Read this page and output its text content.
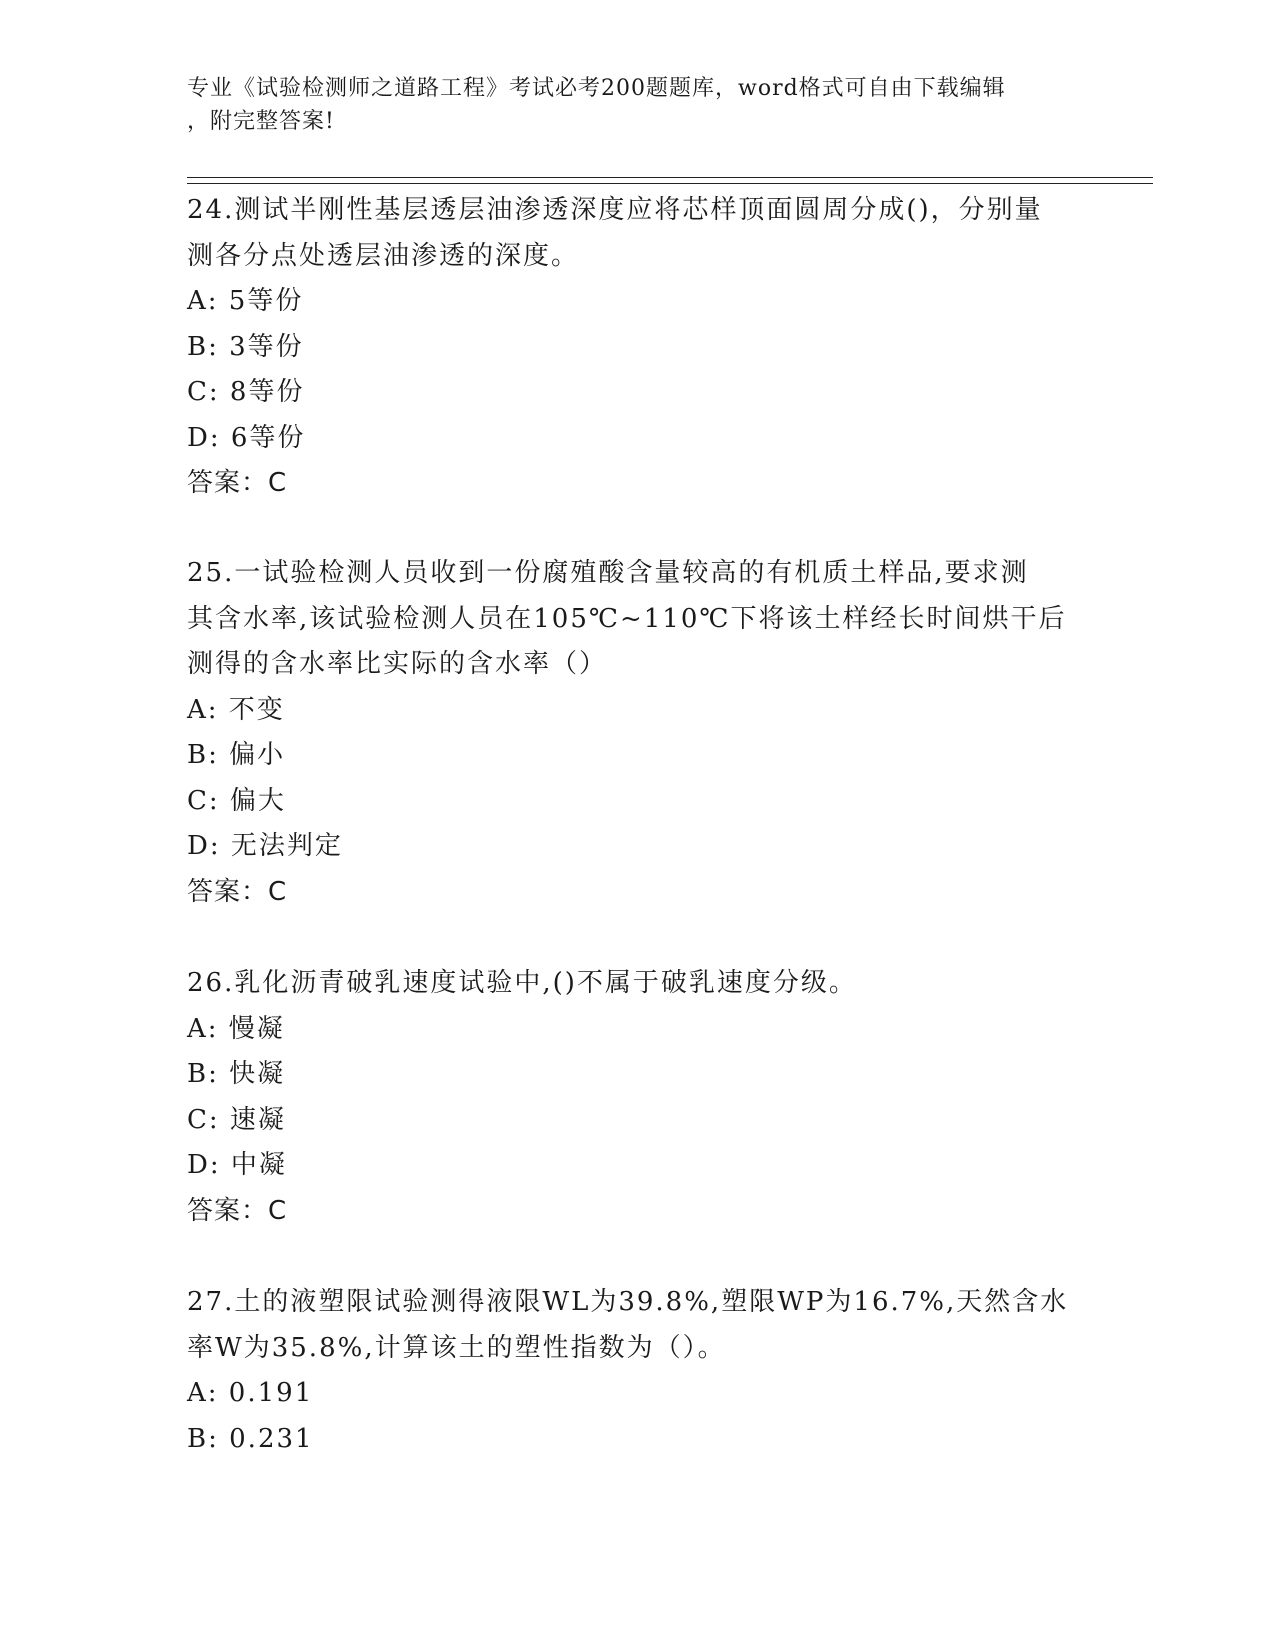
专业《试验检测师之道路工程》考试必考200题题库，word格式可自由下载编辑
，附完整答案!
24.测试半刚性基层透层油渗透深度应将芯样顶面圆周分成()，分别量
测各分点处透层油渗透的深度。
A: 5等份
B: 3等份
C: 8等份
D: 6等份
答案：C
25.一试验检测人员收到一份腐殖酸含量较高的有机质土样品,要求测
其含水率,该试验检测人员在105℃~110℃下将该土样经长时间烘干后
测得的含水率比实际的含水率（）
A: 不变
B: 偏小
C: 偏大
D: 无法判定
答案：C
26.乳化沥青破乳速度试验中,()不属于破乳速度分级。
A: 慢凝
B: 快凝
C: 速凝
D: 中凝
答案：C
27.土的液塑限试验测得液限WL为39.8%,塑限WP为16.7%,天然含水
率W为35.8%,计算该土的塑性指数为（）。
A: 0.191
B: 0.231
